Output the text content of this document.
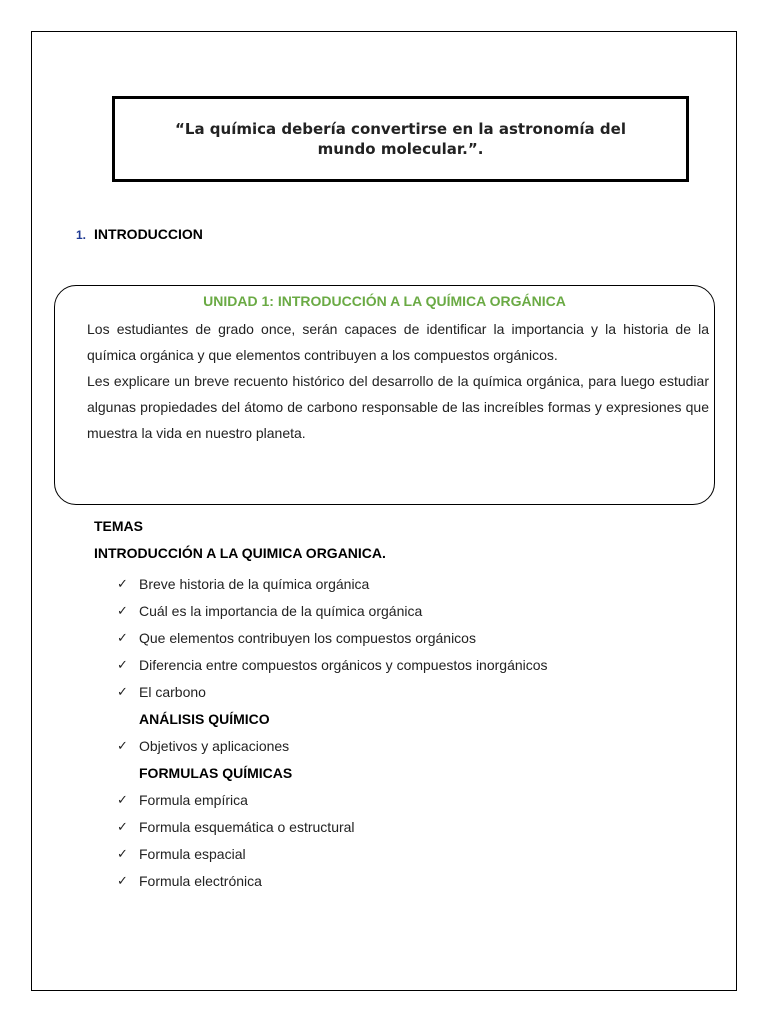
“La química debería convertirse en la astronomía del mundo molecular.”.
1. INTRODUCCION
UNIDAD 1: INTRODUCCIÓN A LA QUÍMICA ORGÁNICA

Los estudiantes de grado once, serán capaces de identificar la importancia y la historia de la química orgánica y que elementos contribuyen a los compuestos orgánicos.

Les explicare un breve recuento histórico del desarrollo de la química orgánica, para luego estudiar algunas propiedades del átomo de carbono responsable de las increíbles formas y expresiones que muestra la vida en nuestro planeta.

TEMAS
INTRODUCCIÓN A LA QUIMICA ORGANICA.
✓ Breve historia de la química orgánica
✓ Cuál es la importancia de la química orgánica
✓ Que elementos contribuyen los compuestos orgánicos
✓ Diferencia entre compuestos orgánicos y compuestos inorgánicos
✓ El carbono
ANÁLISIS QUÍMICO
✓ Objetivos y aplicaciones
FORMULAS QUÍMICAS
✓ Formula empírica
✓ Formula esquemática o estructural
✓ Formula espacial
✓ Formula electrónica
